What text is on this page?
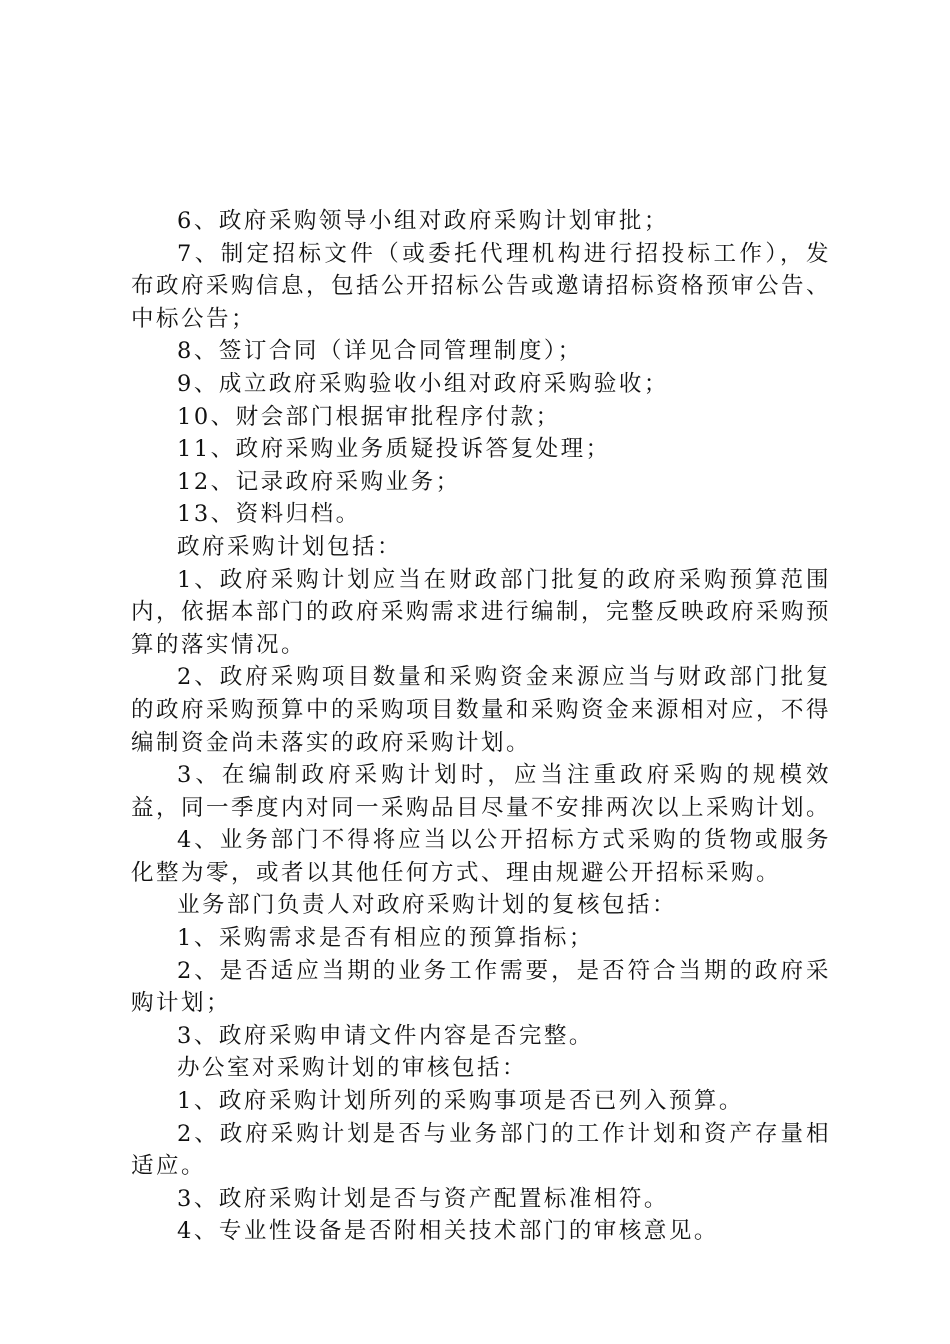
6、政府采购领导小组对政府采购计划审批；

7、制定招标文件（或委托代理机构进行招投标工作），发布政府采购信息，包括公开招标公告或邀请招标资格预审公告、中标公告；

8、签订合同（详见合同管理制度）；

9、成立政府采购验收小组对政府采购验收；

10、财会部门根据审批程序付款；

11、政府采购业务质疑投诉答复处理；

12、记录政府采购业务；

13、资料归档。

政府采购计划包括：

1、政府采购计划应当在财政部门批复的政府采购预算范围内，依据本部门的政府采购需求进行编制，完整反映政府采购预算的落实情况。

2、政府采购项目数量和采购资金来源应当与财政部门批复的政府采购预算中的采购项目数量和采购资金来源相对应，不得编制资金尚未落实的政府采购计划。

3、在编制政府采购计划时，应当注重政府采购的规模效益，同一季度内对同一采购品目尽量不安排两次以上采购计划。

4、业务部门不得将应当以公开招标方式采购的货物或服务化整为零，或者以其他任何方式、理由规避公开招标采购。

业务部门负责人对政府采购计划的复核包括：

1、采购需求是否有相应的预算指标；

2、是否适应当期的业务工作需要，是否符合当期的政府采购计划；

3、政府采购申请文件内容是否完整。

办公室对采购计划的审核包括：

1、政府采购计划所列的采购事项是否已列入预算。

2、政府采购计划是否与业务部门的工作计划和资产存量相适应。

3、政府采购计划是否与资产配置标准相符。

4、专业性设备是否附相关技术部门的审核意见。
